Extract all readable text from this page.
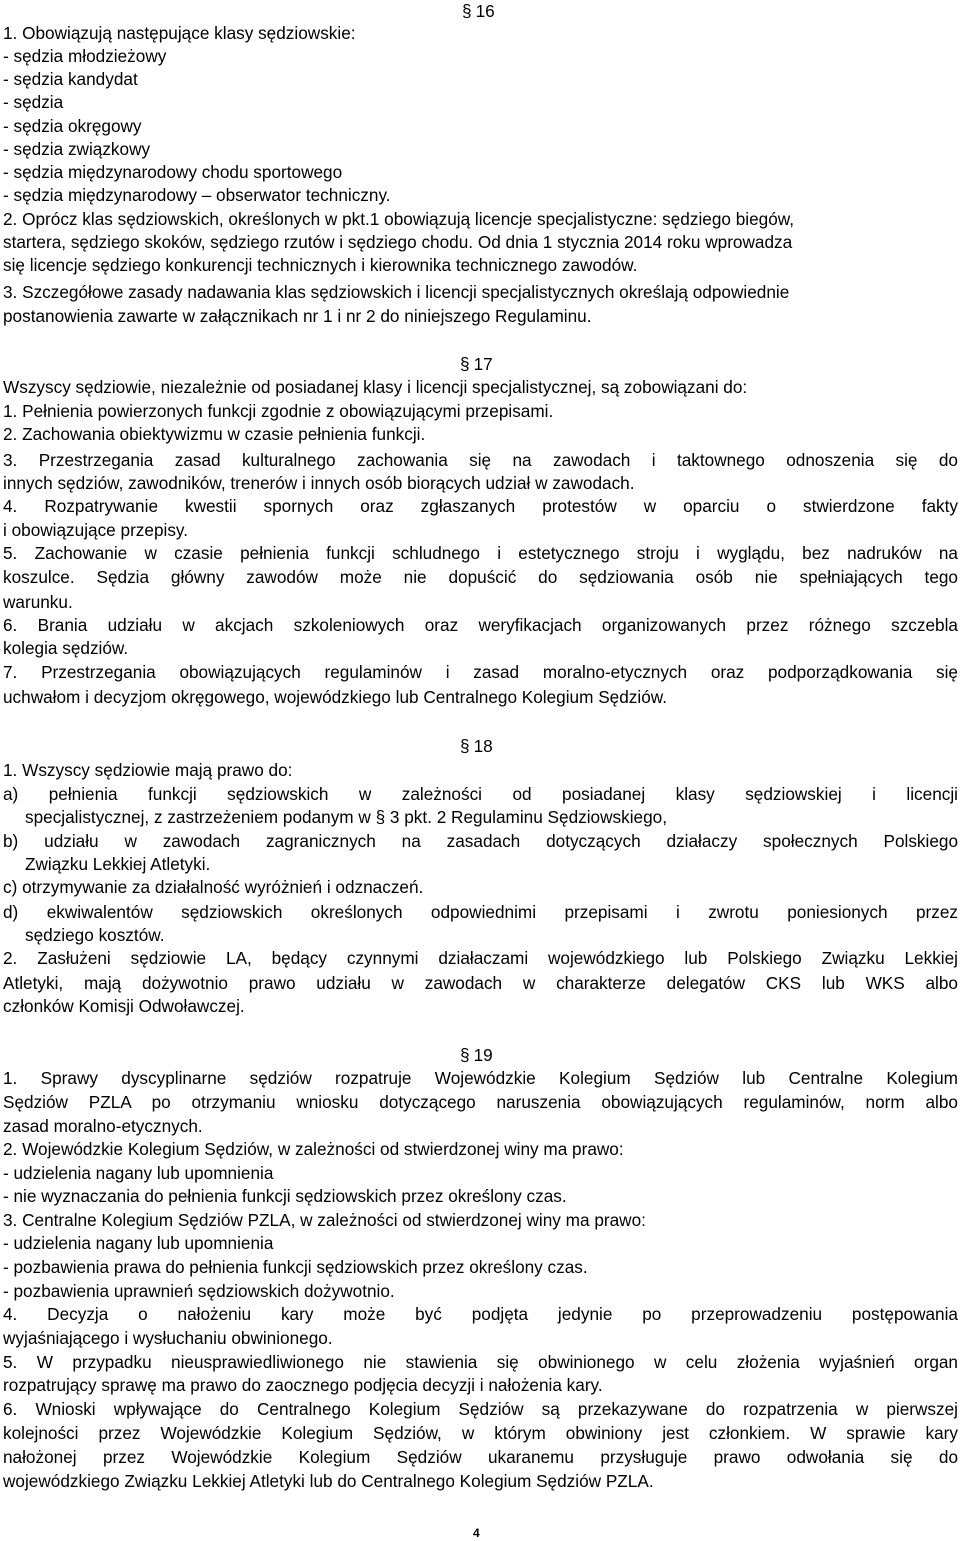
§ 16
1. Obowiązują następujące klasy sędziowskie:
- sędzia młodzieżowy
- sędzia kandydat
- sędzia
- sędzia okręgowy
- sędzia związkowy
- sędzia międzynarodowy chodu sportowego
- sędzia międzynarodowy – obserwator techniczny.
2. Oprócz klas sędziowskich, określonych w pkt.1 obowiązują licencje specjalistyczne: sędziego biegów,
startera, sędziego skoków, sędziego rzutów i sędziego chodu. Od dnia 1 stycznia 2014 roku wprowadza
się licencje sędziego konkurencji technicznych i kierownika technicznego zawodów.
3. Szczegółowe zasady nadawania klas sędziowskich i licencji specjalistycznych określają odpowiednie
postanowienia zawarte w załącznikach nr 1 i nr 2 do niniejszego Regulaminu.
§ 17
Wszyscy sędziowie, niezależnie od posiadanej klasy i licencji specjalistycznej, są zobowiązani do:
1. Pełnienia powierzonych funkcji zgodnie z obowiązującymi przepisami.
2. Zachowania obiektywizmu w czasie pełnienia funkcji.
3. Przestrzegania zasad kulturalnego zachowania się na zawodach i taktownego odnoszenia się do
innych sędziów, zawodników, trenerów i innych osób biorących udział w zawodach.
4. Rozpatrywanie kwestii spornych oraz zgłaszanych protestów w oparciu o stwierdzone fakty
i obowiązujące przepisy.
5. Zachowanie w czasie pełnienia funkcji schludnego i estetycznego stroju i wyglądu, bez nadruków na
koszulce. Sędzia główny zawodów może nie dopuścić do sędziowania osób nie spełniających tego
warunku.
6. Brania udziału w akcjach szkoleniowych oraz weryfikacjach organizowanych przez różnego szczebla
kolegia sędziów.
7. Przestrzegania obowiązujących regulaminów i zasad moralno-etycznych oraz podporządkowania się
uchwałom i decyzjom okręgowego, wojewódzkiego lub Centralnego Kolegium Sędziów.
§ 18
1. Wszyscy sędziowie mają prawo do:
a) pełnienia funkcji sędziowskich w zależności od posiadanej klasy sędziowskiej i licencji
specjalistycznej, z zastrzeżeniem podanym w § 3 pkt. 2 Regulaminu Sędziowskiego,
b) udziału w zawodach zagranicznych na zasadach dotyczących działaczy społecznych Polskiego
Związku Lekkiej Atletyki.
c) otrzymywanie za działalność wyróżnień i odznaczeń.
d) ekwiwalentów sędziowskich określonych odpowiednimi przepisami i zwrotu poniesionych przez
sędziego kosztów.
2. Zasłużeni sędziowie LA, będący czynnymi działaczami wojewódzkiego lub Polskiego Związku Lekkiej
Atletyki, mają dożywotnio prawo udziału w zawodach w charakterze delegatów CKS lub WKS albo
członków Komisji Odwoławczej.
§ 19
1. Sprawy dyscyplinarne sędziów rozpatruje Wojewódzkie Kolegium Sędziów lub Centralne Kolegium
Sędziów PZLA po otrzymaniu wniosku dotyczącego naruszenia obowiązujących regulaminów, norm albo
zasad moralno-etycznych.
2. Wojewódzkie Kolegium Sędziów, w zależności od stwierdzonej winy ma prawo:
- udzielenia nagany lub upomnienia
- nie wyznaczania do pełnienia funkcji sędziowskich przez określony czas.
3. Centralne Kolegium Sędziów PZLA, w zależności od stwierdzonej winy ma prawo:
- udzielenia nagany lub upomnienia
- pozbawienia prawa do pełnienia funkcji sędziowskich przez określony czas.
- pozbawienia uprawnień sędziowskich dożywotnio.
4. Decyzja o nałożeniu kary może być podjęta jedynie po przeprowadzeniu postępowania
wyjaśniającego i wysłuchaniu obwinionego.
5. W przypadku nieusprawiedliwionego nie stawienia się obwinionego w celu złożenia wyjaśnień organ
rozpatrujący sprawę ma prawo do zaocznego podjęcia decyzji i nałożenia kary.
6. Wnioski wpływające do Centralnego Kolegium Sędziów są przekazywane do rozpatrzenia w pierwszej
kolejności przez Wojewódzkie Kolegium Sędziów, w którym obwiniony jest członkiem. W sprawie kary
nałożonej przez Wojewódzkie Kolegium Sędziów ukaranemu przysługuje prawo odwołania się do
wojewódzkiego Związku Lekkiej Atletyki lub do Centralnego Kolegium Sędziów PZLA.
4
